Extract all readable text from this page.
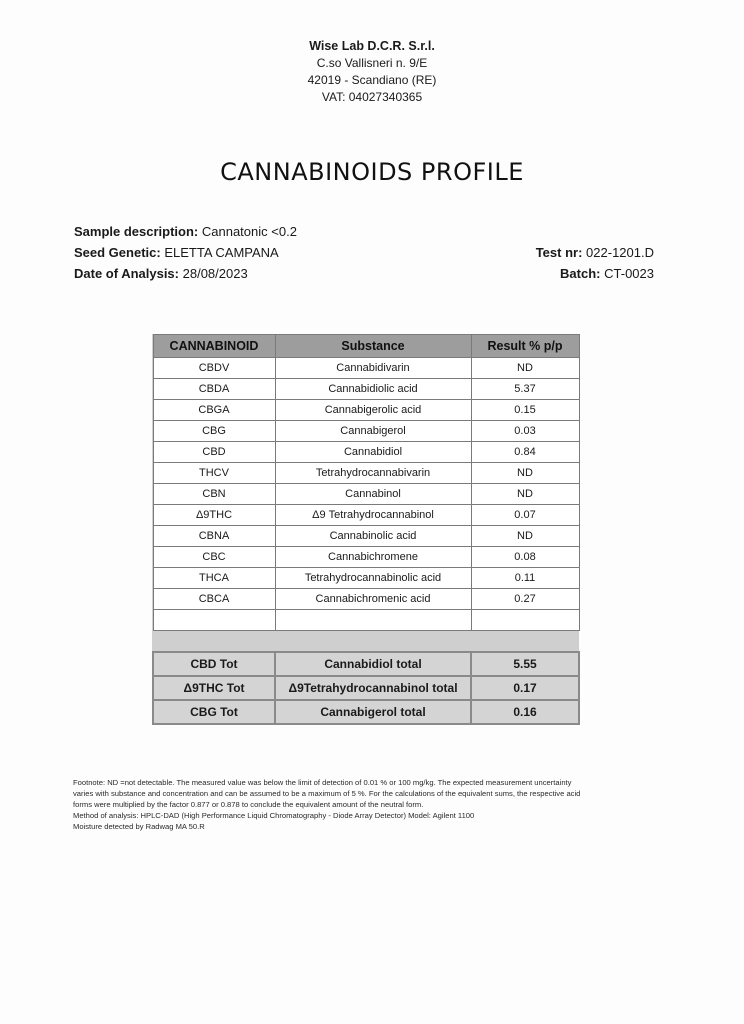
Wise Lab D.C.R. S.r.l.
C.so Vallisneri n. 9/E
42019 - Scandiano (RE)
VAT: 04027340365
CANNABINOIDS PROFILE
Sample description: Cannatonic <0.2
Seed Genetic: ELETTA CAMPANA
Date of Analysis: 28/08/2023
Test nr: 022-1201.D
Batch: CT-0023
CANNABINOID	Substance	Result % p/p
CBDV	Cannabidivarin	ND
CBDA	Cannabidiolic acid	5.37
CBGA	Cannabigerolic acid	0.15
CBG	Cannabigerol	0.03
CBD	Cannabidiol	0.84
THCV	Tetrahydrocannabivarin	ND
CBN	Cannabinol	ND
Δ9THC	Δ9 Tetrahydrocannabinol	0.07
CBNA	Cannabinolic acid	ND
CBC	Cannabichromene	0.08
THCA	Tetrahydrocannabinolic acid	0.11
CBCA	Cannabichromenic acid	0.27

CBD Tot	Cannabidiol total	5.55
Δ9THC Tot	Δ9Tetrahydrocannabinol total	0.17
CBG Tot	Cannabigerol total	0.16
Footnote: ND =not detectable. The measured value was below the limit of detection of 0.01 % or 100 mg/kg. The expected measurement uncertainty
varies with substance and concentration and can be assumed to be a maximum of 5 %. For the calculations of the equivalent sums, the respective acid
forms were multiplied by the factor 0.877 or 0.878 to conclude the equivalent amount of the neutral form.
Method of analysis: HPLC-DAD (High Performance Liquid Chromatography - Diode Array Detector) Model: Agilent 1100
Moisture detected by Radwag MA 50.R
